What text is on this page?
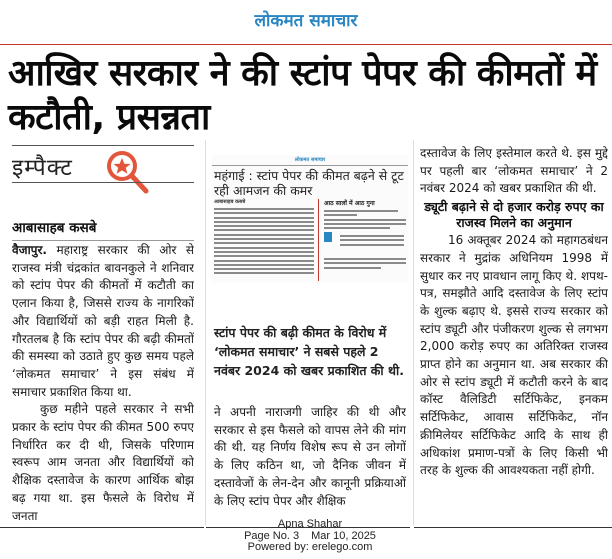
लोकमत समाचार
आखिर सरकार ने की स्टांप पेपर की कीमतों में कटौती, प्रसन्नता
इम्पैक्ट
आबासाहब कसबे

वैजापुर. महाराष्ट्र सरकार की ओर से राजस्व मंत्री चंद्रकांत बावनकुले ने शनिवार को स्टांप पेपर की कीमतों में कटौती का एलान किया है, जिससे राज्य के नागरिकों और विद्यार्थियों को बड़ी राहत मिली है. गौरतलब है कि स्टांप पेपर की बढ़ी कीमतों की समस्या को उठाते हुए कुछ समय पहले ‘लोकमत समाचार’ ने इस संबंध में समाचार प्रकाशित किया था.

कुछ महीने पहले सरकार ने सभी प्रकार के स्टांप पेपर की कीमत 500 रुपए निर्धारित कर दी थी, जिसके परिणाम स्वरूप आम जनता और विद्यार्थियों को शैक्षिक दस्तावेज के कारण आर्थिक बोझ बढ़ गया था. इस फैसले के विरोध में जनता

लोकमत समाचार
महंगाई : स्टांप पेपर की कीमत बढ़ने से टूट रही आमजन की कमर
आबासाहब कसबे	आठ सालों में आठ गुना

स्टांप पेपर की बढ़ी कीमत के विरोध में ‘लोकमत समाचार’ ने सबसे पहले 2 नवंबर 2024 को खबर प्रकाशित की थी.

ने अपनी नाराजगी जाहिर की थी और सरकार से इस फैसले को वापस लेने की मांग की थी. यह निर्णय विशेष रूप से उन लोगों के लिए कठिन था, जो दैनिक जीवन में दस्तावेजों के लेन-देन और कानूनी प्रक्रियाओं के लिए स्टांप पेपर और शैक्षिक

दस्तावेज के लिए इस्तेमाल करते थे. इस मुद्दे पर पहली बार ‘लोकमत समाचार’ ने 2 नवंबर 2024 को खबर प्रकाशित की थी.

ड्यूटी बढ़ाने से दो हजार करोड़ रुपए का राजस्व मिलने का अनुमान

16 अक्तूबर 2024 को महागठबंधन सरकार ने मुद्रांक अधिनियम 1998 में सुधार कर नए प्रावधान लागू किए थे. शपथ-पत्र, समझौते आदि दस्तावेज के लिए स्टांप के शुल्क बढ़ाए थे. इससे राज्य सरकार को स्टांप ड्यूटी और पंजीकरण शुल्क से लगभग 2,000 करोड़ रुपए का अतिरिक्त राजस्व प्राप्त होने का अनुमान था. अब सरकार की ओर से स्टांप ड्यूटी में कटौती करने के बाद कॉस्ट वैलिडिटी सर्टिफिकेट, इनकम सर्टिफिकेट, आवास सर्टिफिकेट, नॉन क्रीमिलेयर सर्टिफिकेट आदि के साथ ही अधिकांश प्रमाण-पत्रों के लिए किसी भी तरह के शुल्क की आवश्यकता नहीं होगी.

Apna Shahar
Page No. 3 Mar 10, 2025
Powered by: erelego.com
